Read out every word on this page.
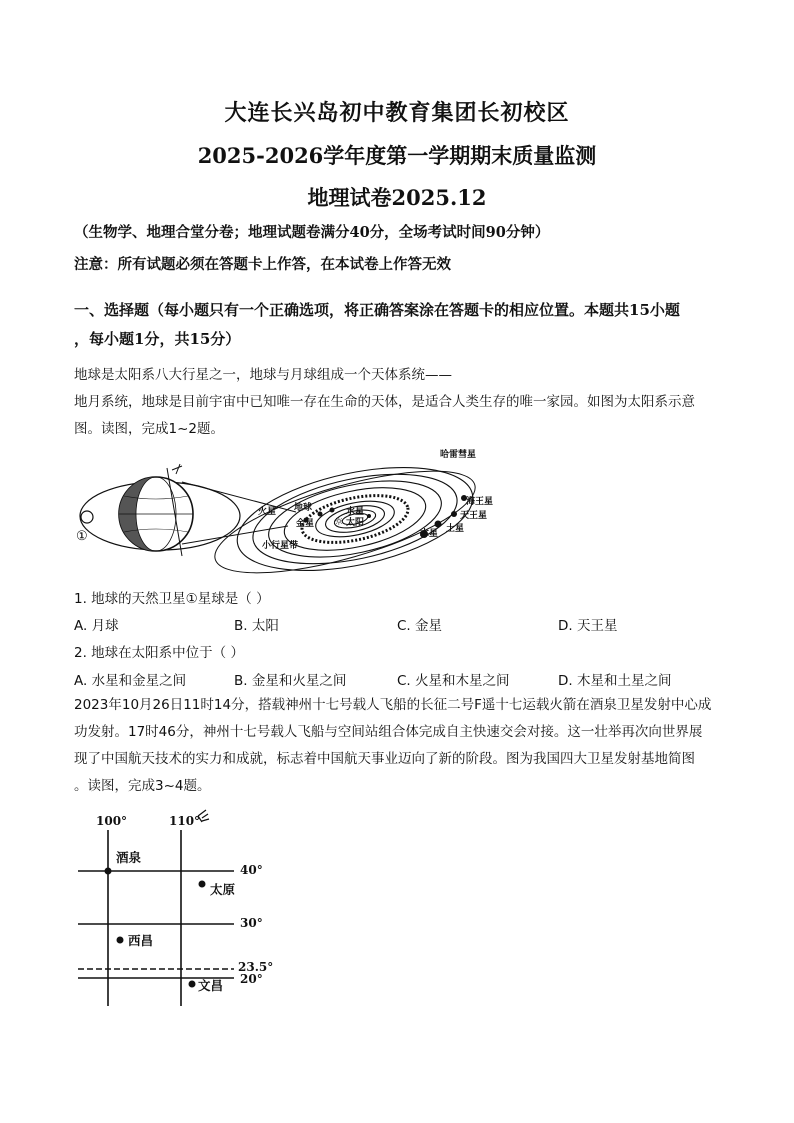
大连长兴岛初中教育集团长初校区
2025-2026学年度第一学期期末质量监测
地理试卷2025.12
（生物学、地理合堂分卷；地理试题卷满分40分，全场考试时间90分钟）
注意：所有试题必须在答题卡上作答，在本试卷上作答无效
一、选择题（每小题只有一个正确选项，将正确答案涂在答题卡的相应位置。本题共15小题
，每小题1分，共15分）
地球是太阳系八大行星之一，地球与月球组成一个天体系统——
地月系统，地球是目前宇宙中已知唯一存在生命的天体，是适合人类生存的唯一家园。如图为太阳系示意
图。读图，完成1~2题。
①
哈雷彗星
海王星
天王星
土星
木星
火星 地球
金星
水星
☼ 太阳
小行星带
1. 地球的天然卫星①星球是（ ）
A. 月球	B. 太阳	C. 金星	D. 天王星
2. 地球在太阳系中位于（ ）
A. 水星和金星之间	B. 金星和火星之间	C. 火星和木星之间	D. 木星和土星之间
2023年10月26日11时14分，搭载神州十七号载人飞船的长征二号F遥十七运载火箭在酒泉卫星发射中心成
功发射。17时46分，神州十七号载人飞船与空间站组合体完成自主快速交会对接。这一壮举再次向世界展
现了中国航天技术的实力和成就，标志着中国航天事业迈向了新的阶段。图为我国四大卫星发射基地简图
。读图，完成3~4题。
100°	110°
40°
30°
23.5°
20°
酒泉
太原
西昌
文昌
